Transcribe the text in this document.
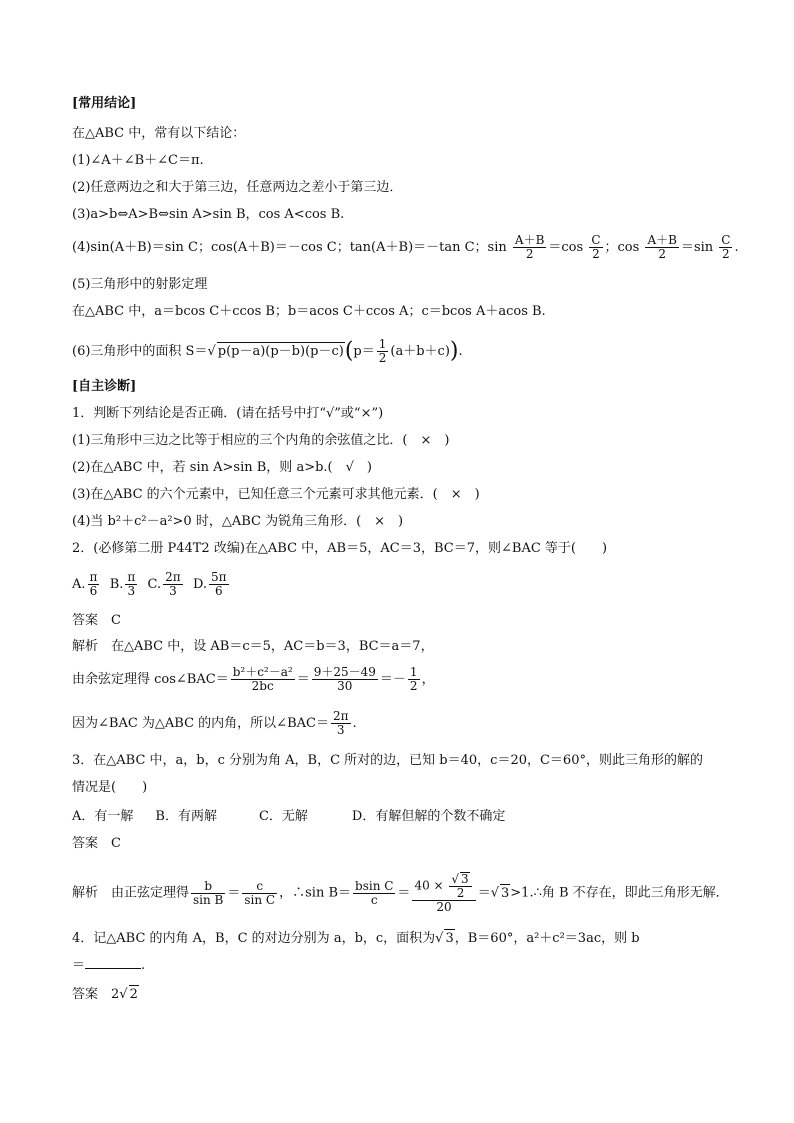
[常用结论]
在△ABC 中，常有以下结论：
(1)∠A＋∠B＋∠C＝π.
(2)任意两边之和大于第三边，任意两边之差小于第三边．
(3)a>b⇔A>B⇔sin A>sin B，cos A<cos B.
(4)sin(A＋B)＝sin C；cos(A＋B)＝－cos C；tan(A＋B)＝－tan C；$\sin \frac{A+B}{2} =\cos \frac{C}{2}$ ；$\cos \frac{A+B}{2} =\sin \frac{C}{2}$ .
(5)三角形中的射影定理
在△ABC 中，a＝bcos C＋ccos B；b＝acos C＋ccos A；c＝bcos A＋acos B.
(6)三角形中的面积 S＝√ $p(p-a)(p-b)(p-c)(p= \frac{1}{2} (a+b+c))$.
[自主诊断]
1．判断下列结论是否正确．(请在括号中打“√”或“×”)
(1)三角形中三边之比等于相应的三个内角的余弦值之比．(　×　)
(2)在△ABC 中，若 sin A>sin B，则 a>b.(　√　)
(3)在△ABC 的六个元素中，已知任意三个元素可求其他元素．(　×　)
(4)当 b²＋c²－a²>0 时，△ABC 为锐角三角形．(　×　)
2．(必修第二册 P44T2 改编)在△ABC 中，AB＝5，AC＝3，BC＝7，则∠BAC 等于(　　)
A. $\frac{\pi}{6} B$. $\frac{\pi}{3} C$. $\frac{2\pi}{3} D$. $\frac{5\pi}{6}$
答案　C
解析　在△ABC 中，设 AB＝c＝5，AC＝b＝3，BC＝a＝7，
由余弦定理得 cos∠BAC＝ $\frac{\text{b²＋c²－a²}}{2bc} = \frac{9+25-49}{30} =- \frac{1}{2}$ ，
因为∠BAC 为△ABC 的内角，所以∠BAC＝ $\frac{2\pi}{3}$ .
3．在△ABC 中，a，b，c 分别为角 A，B，C 所对的边，已知 b＝40，c＝20，C＝60°，则此三角形的解的
情况是(　　)
A．有一解 B．有两解	C．无解	D．有解但解的个数不确定
答案　C
解析　由正弦定理得 $\frac{b}{\text{sin B}} = \frac{c}{\text{sin C}}$ ，∴sin $B= \frac{\text{bsin C}}{c} = \frac{40 \times \frac{√ 3}{2}}{20}$ ＝√ 3>1.∴角 B 不存在，即此三角形无解．
4．记△ABC 的内角 A，B，C 的对边分别为 a，b，c，面积为√ 3，B＝60°，a²＋c²＝3ac，则 b
＝	.
答案　2√ 2
